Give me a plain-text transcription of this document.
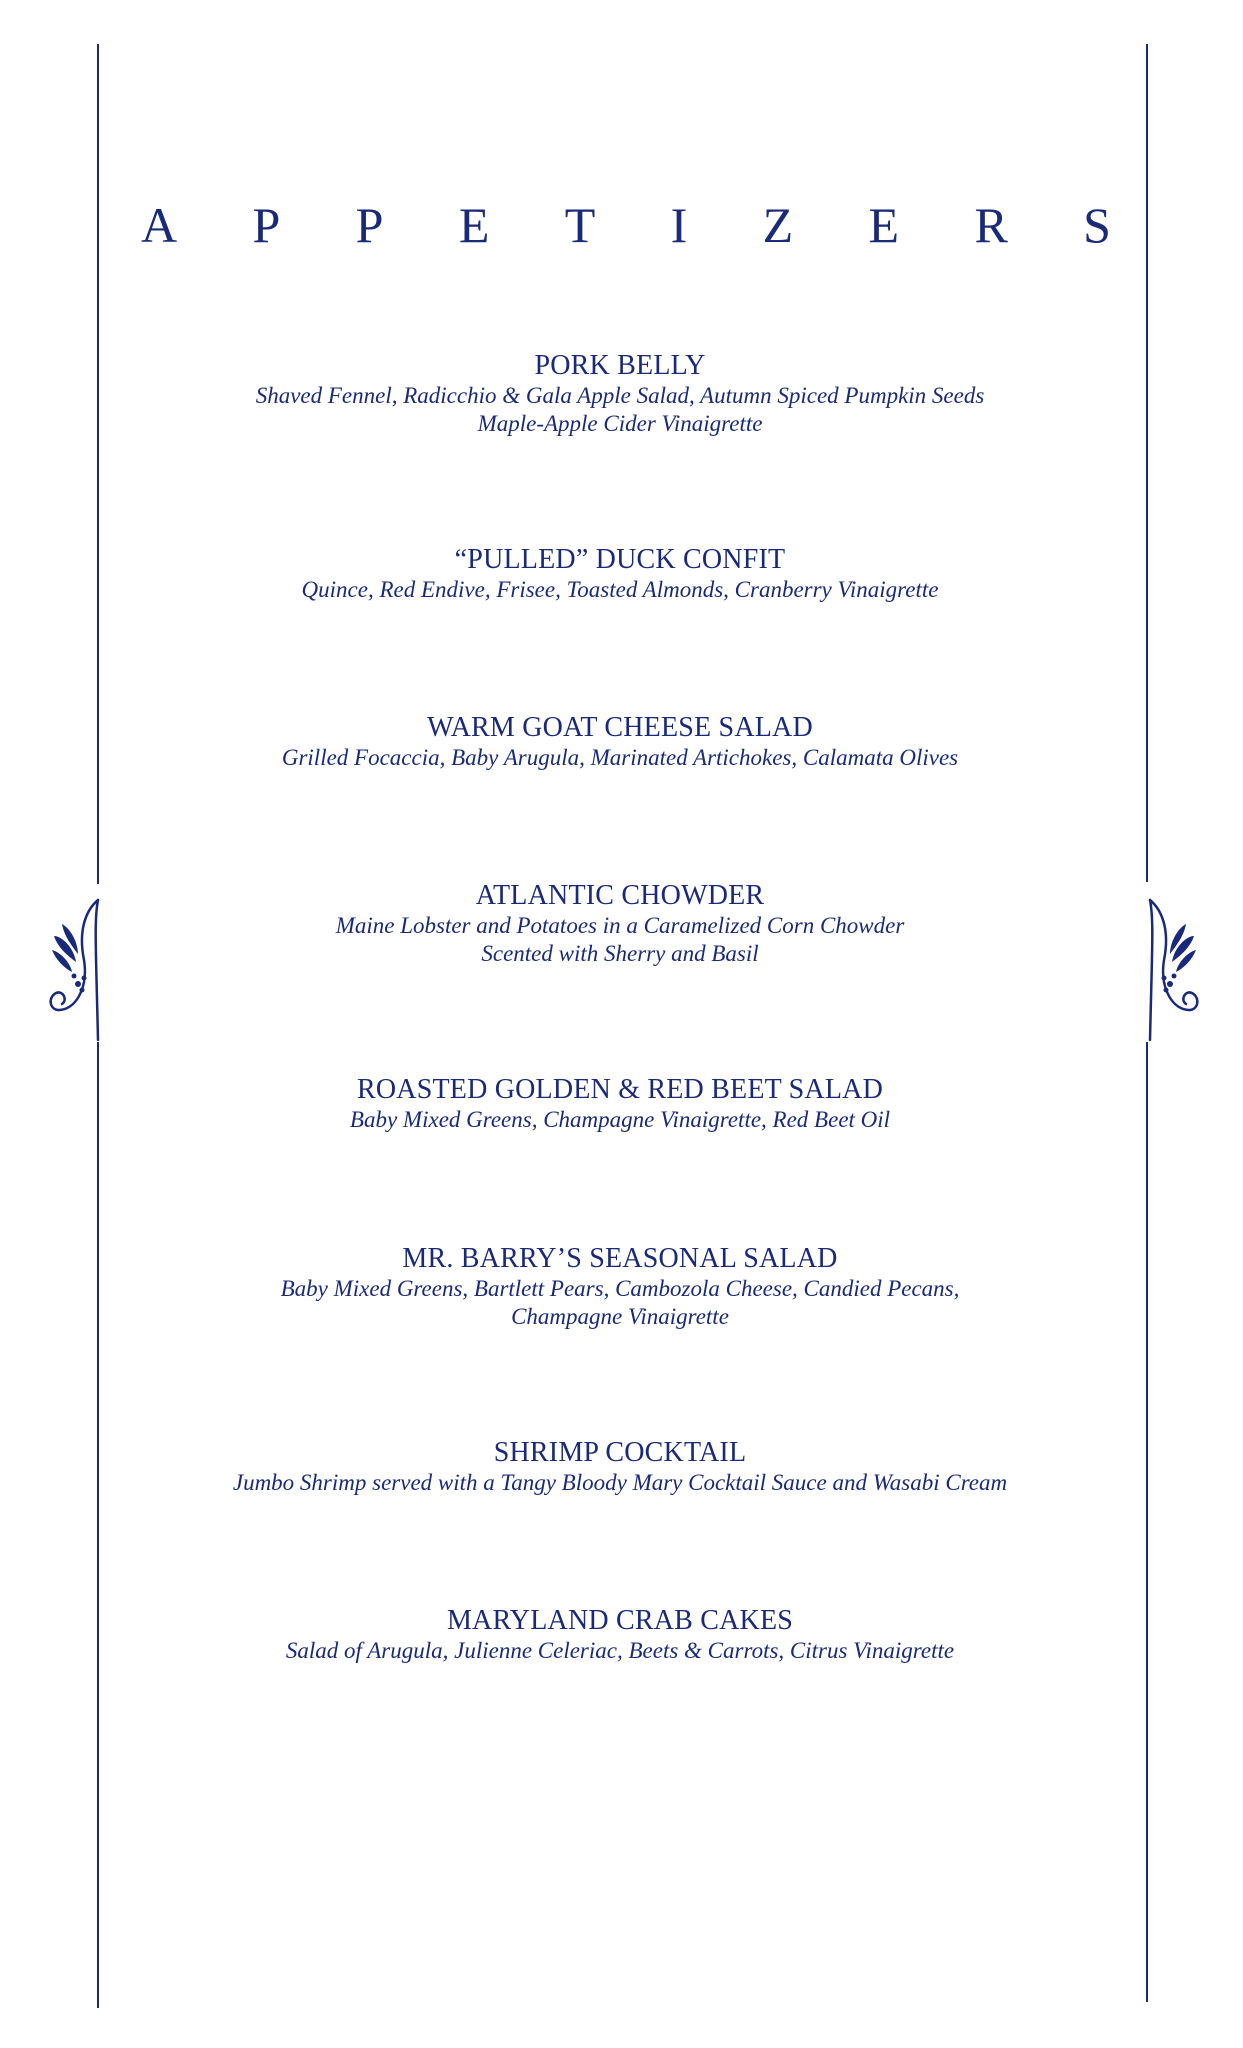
A P P E T I Z E R S
PORK BELLY
Shaved Fennel, Radicchio & Gala Apple Salad, Autumn Spiced Pumpkin Seeds
Maple-Apple Cider Vinaigrette
“PULLED” DUCK CONFIT
Quince, Red Endive, Frisee, Toasted Almonds, Cranberry Vinaigrette
WARM GOAT CHEESE SALAD
Grilled Focaccia, Baby Arugula, Marinated Artichokes, Calamata Olives
ATLANTIC CHOWDER
Maine Lobster and Potatoes in a Caramelized Corn Chowder
Scented with Sherry and Basil
ROASTED GOLDEN & RED BEET SALAD
Baby Mixed Greens, Champagne Vinaigrette, Red Beet Oil
MR. BARRY’S SEASONAL SALAD
Baby Mixed Greens, Bartlett Pears, Cambozola Cheese, Candied Pecans,
Champagne Vinaigrette
SHRIMP COCKTAIL
Jumbo Shrimp served with a Tangy Bloody Mary Cocktail Sauce and Wasabi Cream
MARYLAND CRAB CAKES
Salad of Arugula, Julienne Celeriac, Beets & Carrots, Citrus Vinaigrette
